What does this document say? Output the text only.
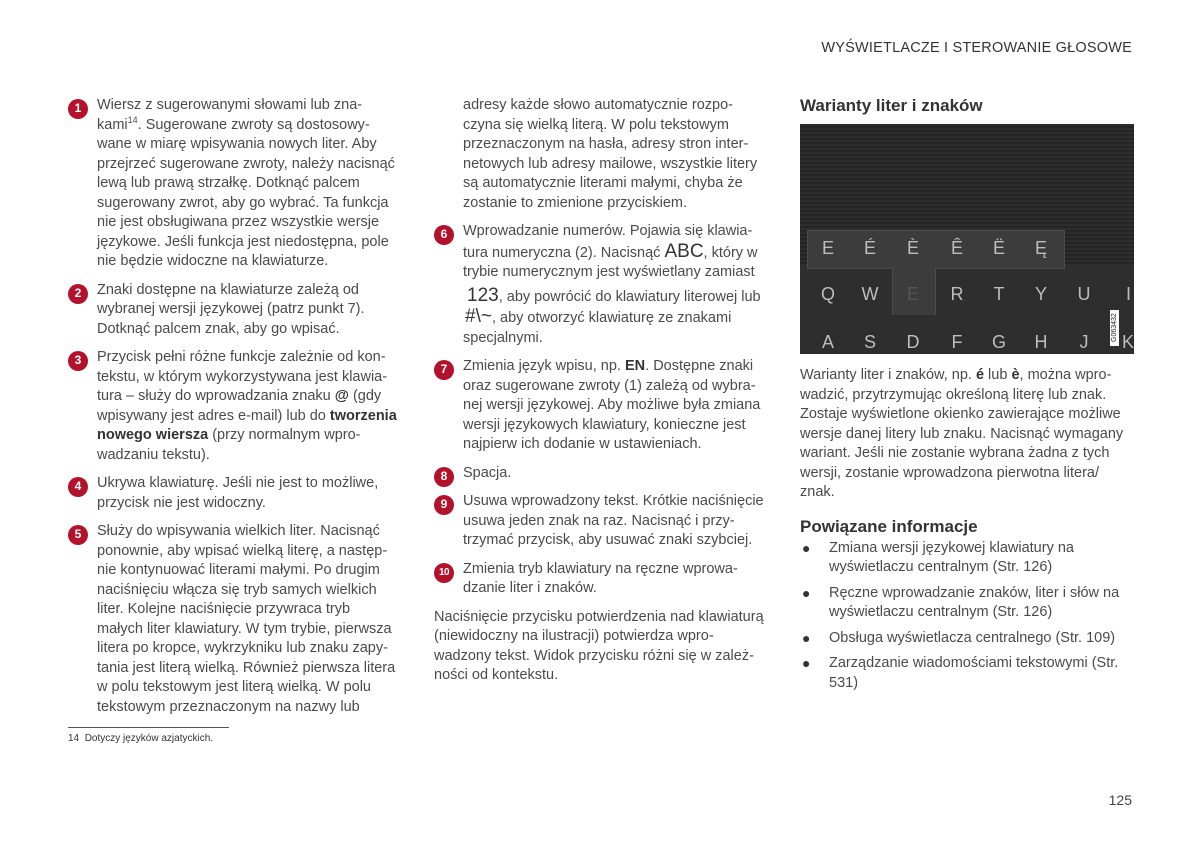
WYŚWIETLACZE I STEROWANIE GŁOSOWE
1	Wiersz z sugerowanymi słowami lub znakami$^{14}$. Sugerowane zwroty są dostosowywane w miarę wpisywania nowych liter. Aby przejrzeć sugerowane zwroty, należy nacisnąć lewą lub prawą strzałkę. Dotknąć palcem sugerowany zwrot, aby go wybrać. Ta funkcja nie jest obsługiwana przez wszystkie wersje językowe. Jeśli funkcja jest niedostępna, pole nie będzie widoczne na klawiaturze.
2	Znaki dostępne na klawiaturze zależą od wybranej wersji językowej (patrz punkt 7). Dotknąć palcem znak, aby go wpisać.
3	Przycisk pełni różne funkcje zależnie od kontekstu, w którym wykorzystywana jest klawiatura – służy do wprowadzania znaku @ (gdy wpisywany jest adres e-mail) lub do tworzenia nowego wiersza (przy normalnym wprowadzaniu tekstu).
4	Ukrywa klawiaturę. Jeśli nie jest to możliwe, przycisk nie jest widoczny.
5	Służy do wpisywania wielkich liter. Nacisnąć ponownie, aby wpisać wielką literę, a następnie kontynuować literami małymi. Po drugim naciśnięciu włącza się tryb samych wielkich liter. Kolejne naciśnięcie przywraca tryb małych liter klawiatury. W tym trybie, pierwsza litera po kropce, wykrzykniku lub znaku zapytania jest literą wielką. Również pierwsza litera w polu tekstowym jest literą wielką. W polu tekstowym przeznaczonym na nazwy lub
adresy każde słowo automatycznie rozpoczyna się wielką literą. W polu tekstowym przeznaczonym na hasła, adresy stron internetowych lub adresy mailowe, wszystkie litery są automatycznie literami małymi, chyba że zostanie to zmienione przyciskiem.
6	Wprowadzanie numerów. Pojawia się klawiatura numeryczna (2). Nacisnąć ABC, który w trybie numerycznym jest wyświetlany zamiast
123, aby powrócić do klawiatury literowej lub #\~, aby otworzyć klawiaturę ze znakami specjalnymi.
7	Zmienia język wpisu, np. EN. Dostępne znaki oraz sugerowane zwroty (1) zależą od wybranej wersji językowej. Aby możliwe była zmiana wersji językowych klawiatury, konieczne jest najpierw ich dodanie w ustawieniach.
8	Spacja.
9	Usuwa wprowadzony tekst. Krótkie naciśnięcie usuwa jeden znak na raz. Nacisnąć i przytrzymać przycisk, aby usuwać znaki szybciej.
10 Zmienia tryb klawiatury na ręczne wprowadzanie liter i znaków.
Naciśnięcie przycisku potwierdzenia nad klawiaturą (niewidoczny na ilustracji) potwierdza wprowadzony tekst. Widok przycisku różni się w zależności od kontekstu.
Warianty liter i znaków
E	É	È	Ê	Ë	Ę
Q	W	E	R	T	Y	U	I
A	S	D	F	G	H	J	K
G063432
Warianty liter i znaków, np. é lub è, można wprowadzić, przytrzymując określoną literę lub znak. Zostaje wyświetlone okienko zawierające możliwe wersje danej litery lub znaku. Nacisnąć wymagany wariant. Jeśli nie zostanie wybrana żadna z tych wersji, zostanie wprowadzona pierwotna litera/ znak.
Powiązane informacje
● Zmiana wersji językowej klawiatury na wyświetlaczu centralnym (Str. 126)
● Ręczne wprowadzanie znaków, liter i słów na wyświetlaczu centralnym (Str. 126)
● Obsługa wyświetlacza centralnego (Str. 109)
● Zarządzanie wiadomościami tekstowymi (Str. 531)
14 Dotyczy języków azjatyckich.
125
